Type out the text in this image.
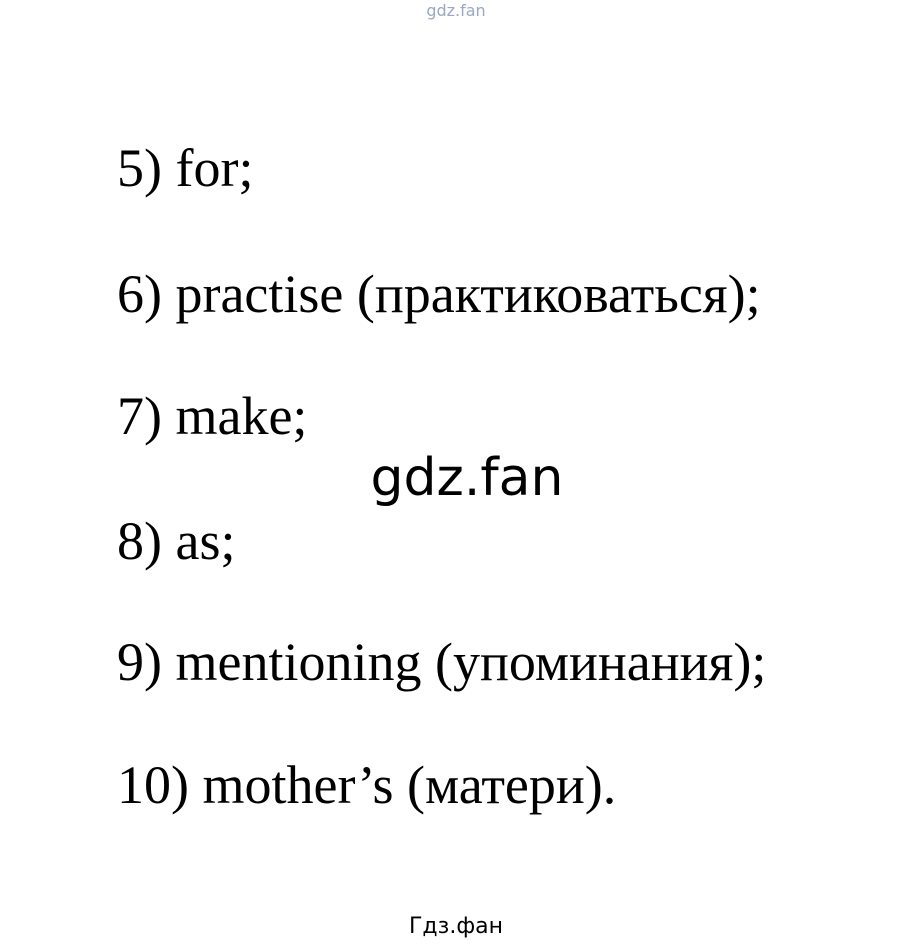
gdz.fan
5) for;
6) practise (практиковаться);
7) make;
8) as;
9) mentioning (упоминания);
10) mother’s (матери).
gdz.fan
Гдз.фан
